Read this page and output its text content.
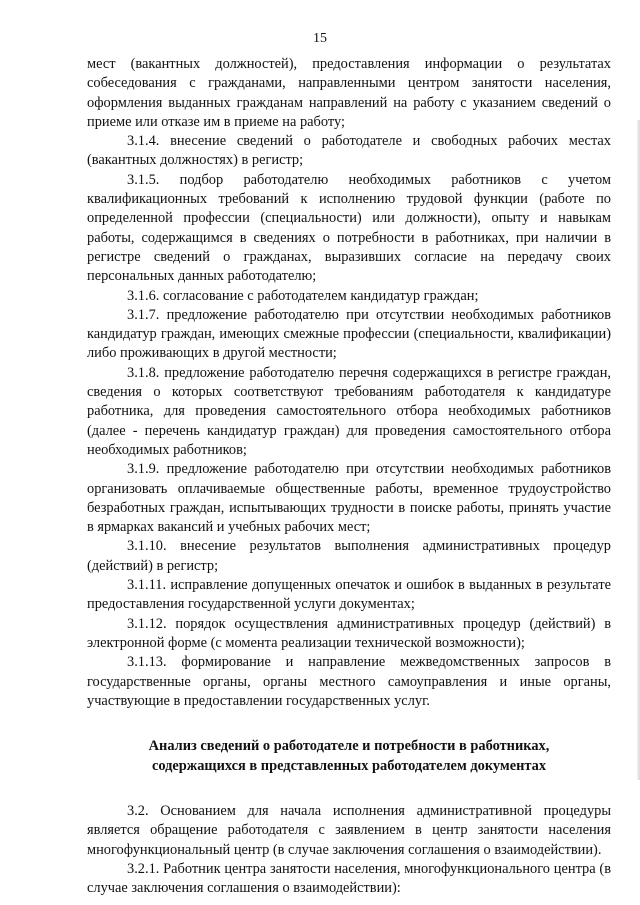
15

мест (вакантных должностей), предоставления информации о результатах собеседования с гражданами, направленными центром занятости населения, оформления выданных гражданам направлений на работу с указанием сведений о приеме или отказе им в приеме на работу;

3.1.4. внесение сведений о работодателе и свободных рабочих местах (вакантных должностях) в регистр;

3.1.5. подбор работодателю необходимых работников с учетом квалификационных требований к исполнению трудовой функции (работе по определенной профессии (специальности) или должности), опыту и навыкам работы, содержащимся в сведениях о потребности в работниках, при наличии в регистре сведений о гражданах, выразивших согласие на передачу своих персональных данных работодателю;

3.1.6. согласование с работодателем кандидатур граждан;

3.1.7. предложение работодателю при отсутствии необходимых работников кандидатур граждан, имеющих смежные профессии (специальности, квалификации) либо проживающих в другой местности;

3.1.8. предложение работодателю перечня содержащихся в регистре граждан, сведения о которых соответствуют требованиям работодателя к кандидатуре работника, для проведения самостоятельного отбора необходимых работников (далее - перечень кандидатур граждан) для проведения самостоятельного отбора необходимых работников;

3.1.9. предложение работодателю при отсутствии необходимых работников организовать оплачиваемые общественные работы, временное трудоустройство безработных граждан, испытывающих трудности в поиске работы, принять участие в ярмарках вакансий и учебных рабочих мест;

3.1.10. внесение результатов выполнения административных процедур (действий) в регистр;

3.1.11. исправление допущенных опечаток и ошибок в выданных в результате предоставления государственной услуги документах;

3.1.12. порядок осуществления административных процедур (действий) в электронной форме (с момента реализации технической возможности);

3.1.13. формирование и направление межведомственных запросов в государственные органы, органы местного самоуправления и иные органы, участвующие в предоставлении государственных услуг.

Анализ сведений о работодателе и потребности в работниках,
содержащихся в представленных работодателем документах

3.2. Основанием для начала исполнения административной процедуры является обращение работодателя с заявлением в центр занятости населения многофункциональный центр (в случае заключения соглашения о взаимодействии).

3.2.1. Работник центра занятости населения, многофункционального центра (в случае заключения соглашения о взаимодействии):
